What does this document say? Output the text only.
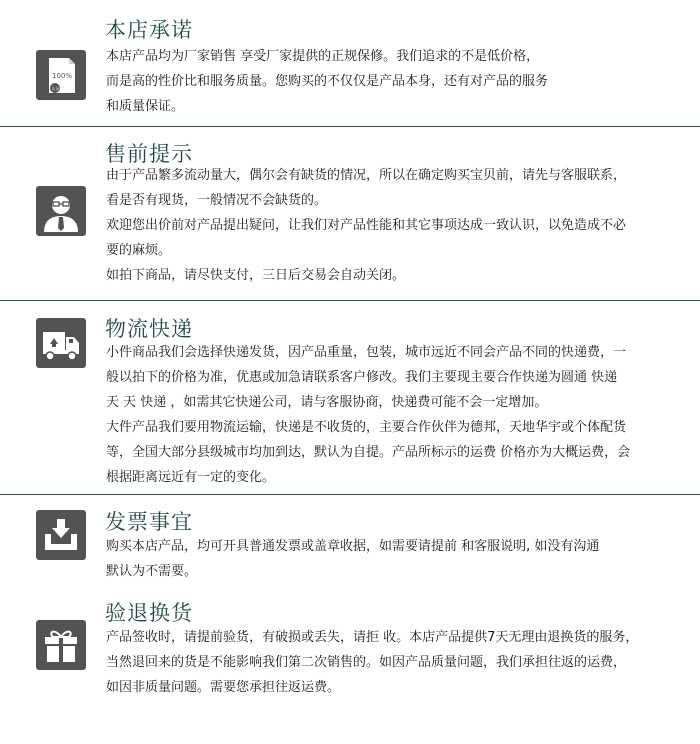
100%
认证
本店承诺

本店产品均为厂家销售 享受厂家提供的正规保修。我们追求的不是低价格，

而是高的性价比和服务质量。您购买的不仅仅是产品本身，还有对产品的服务

和质量保证。

售前提示

由于产品繁多流动量大，偶尔会有缺货的情况，所以在确定购买宝贝前，请先与客服联系，

看是否有现货，一般情况不会缺货的。

欢迎您出价前对产品提出疑问，让我们对产品性能和其它事项达成一致认识，以免造成不必

要的麻烦。

如拍下商品，请尽快支付，三日后交易会自动关闭。

物流快递

小件商品我们会选择快递发货，因产品重量，包装，城市远近不同会产品不同的快递费，一

般以拍下的价格为准，优惠或加急请联系客户修改。我们主要现主要合作快递为圆通 快递

天 天 快递 ，如需其它快递公司，请与客服协商，快递费可能不会一定增加。

大件产品我们要用物流运输，快递是不收货的，主要合作伙伴为德邦，天地华宇或个体配货

等，全国大部分县级城市均加到达，默认为自提。产品所标示的运费 价格亦为大概运费，会

根据距离远近有一定的变化。

发票事宜

购买本店产品，均可开具普通发票或盖章收据，如需要请提前 和客服说明, 如没有沟通

默认为不需要。

验退换货

产品签收时，请提前验货，有破损或丢失，请拒 收。本店产品提供7天无理由退换货的服务，

当然退回来的货是不能影响我们第二次销售的。如因产品质量问题，我们承担往返的运费，

如因非质量问题。需要您承担往返运费。
